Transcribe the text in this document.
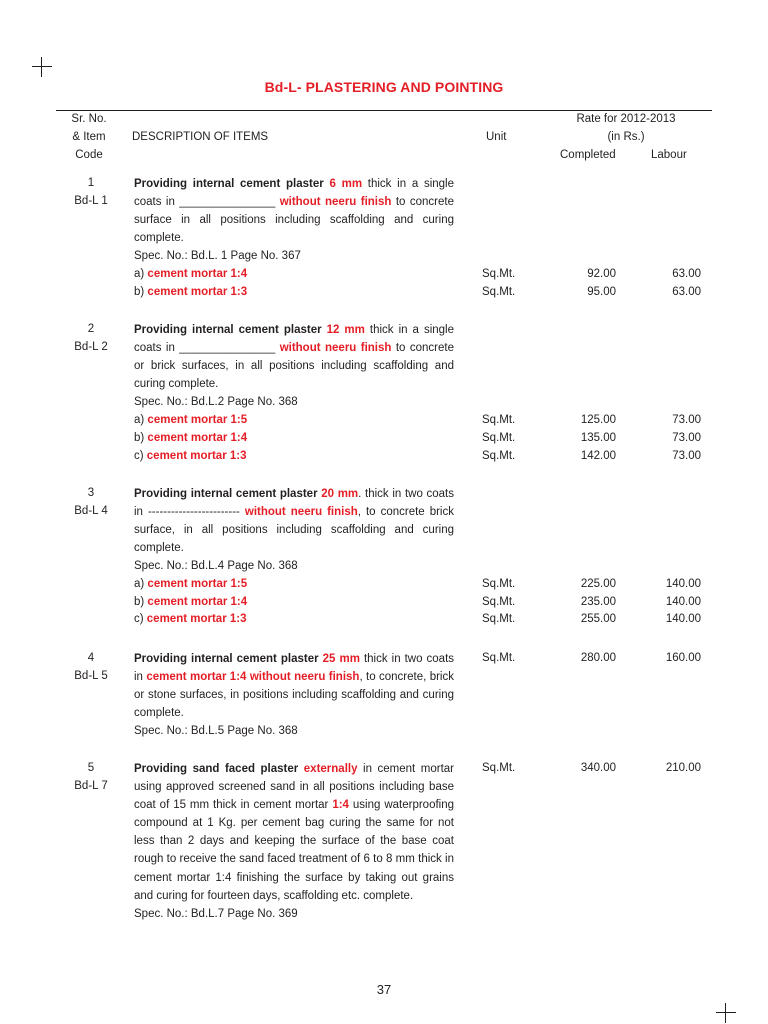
Bd-L- PLASTERING AND POINTING
Sr. No.
& Item
Code
DESCRIPTION OF ITEMS	Unit
Rate for 2012-2013
(in Rs.)
Completed	Labour
1
Bd-L 1

Providing internal cement plaster 6 mm thick in a single coats in _______________ without neeru finish to concrete surface in all positions including scaffolding and curing complete.

Spec. No.: Bd.L. 1 Page No. 367

a) cement mortar 1:4	Sq.Mt.	92.00	63.00
b) cement mortar 1:3	Sq.Mt.	95.00	63.00
2
Bd-L 2

Providing internal cement plaster 12 mm thick in a single coats in _______________ without neeru finish to concrete or brick surfaces, in all positions including scaffolding and curing complete.

Spec. No.: Bd.L.2 Page No. 368

a) cement mortar 1:5	Sq.Mt.	125.00	73.00
b) cement mortar 1:4	Sq.Mt.	135.00	73.00
c) cement mortar 1:3	Sq.Mt.	142.00	73.00
3
Bd-L 4

Providing internal cement plaster 20 mm. thick in two coats in ------------------------ without neeru finish, to concrete brick surface, in all positions including scaffolding and curing complete.

Spec. No.: Bd.L.4 Page No. 368

a) cement mortar 1:5	Sq.Mt.	225.00	140.00
b) cement mortar 1:4	Sq.Mt.	235.00	140.00
c) cement mortar 1:3	Sq.Mt.	255.00	140.00
4
Bd-L 5

Providing internal cement plaster 25 mm thick in two coats in cement mortar 1:4 without neeru finish, to concrete, brick or stone surfaces, in positions including scaffolding and curing complete.

Spec. No.: Bd.L.5 Page No. 368

Sq.Mt.	280.00	160.00
5
Bd-L 7

Providing sand faced plaster externally in cement mortar using approved screened sand in all positions including base coat of 15 mm thick in cement mortar 1:4 using waterproofing compound at 1 Kg. per cement bag curing the same for not less than 2 days and keeping the surface of the base coat rough to receive the sand faced treatment of 6 to 8 mm thick in cement mortar 1:4 finishing the surface by taking out grains and curing for fourteen days, scaffolding etc. complete.

Spec. No.: Bd.L.7 Page No. 369

Sq.Mt.	340.00	210.00
37
